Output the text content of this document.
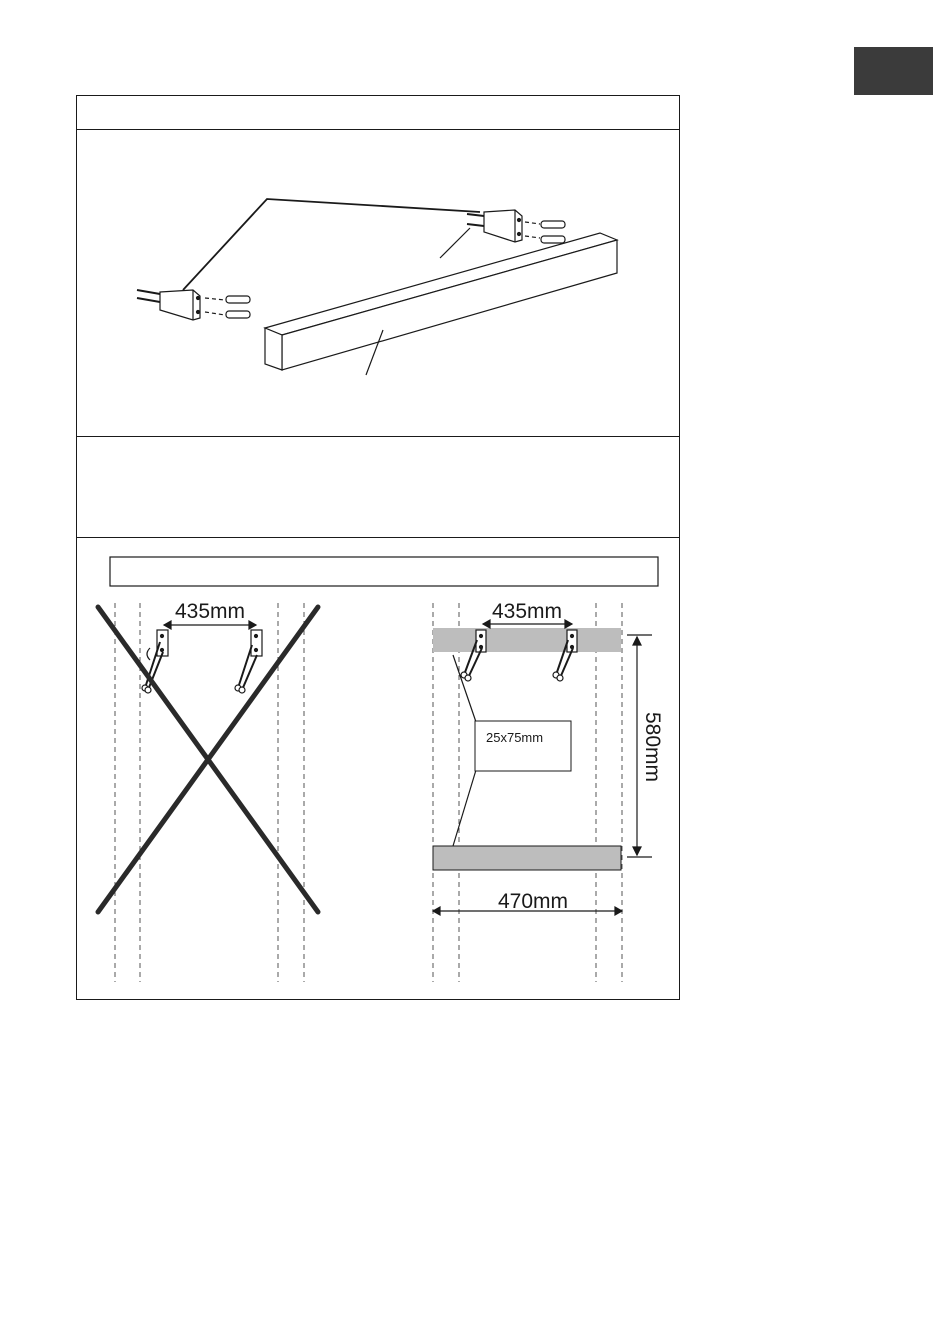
435mm	435mm
25x75mm	580mm
470mm
